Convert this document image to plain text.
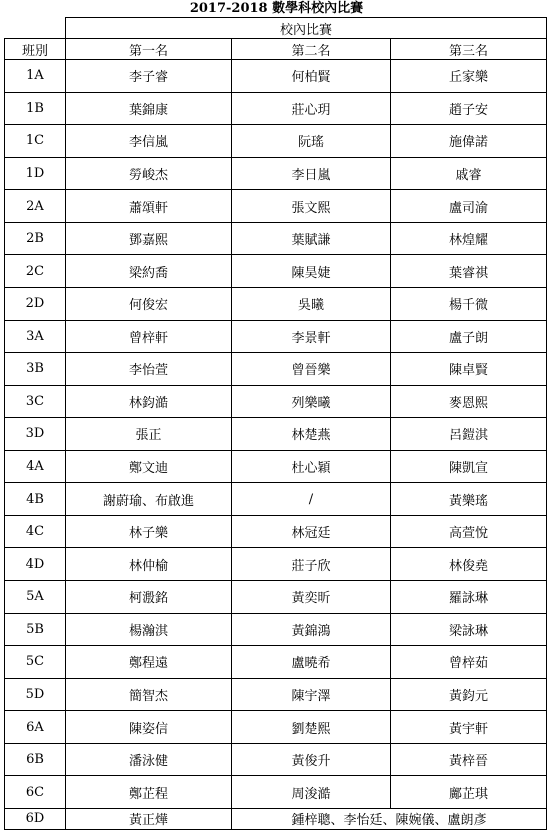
2017-2018 數學科校內比賽
	校內比賽		
班別	第一名	第二名	第三名
1A	李子睿	何柏賢	丘家樂
1B	葉錦康	莊心玥	趙子安
1C	李信嵐	阮瑤	施偉諾
1D	勞峻杰	李日嵐	戚睿
2A	蕭頌軒	張文熙	盧司渝
2B	鄧嘉熙	葉賦謙	林煌耀
2C	梁約喬	陳昊婕	葉睿祺
2D	何俊宏	吳曦	楊千微
3A	曾梓軒	李景軒	盧子朗
3B	李怡萱	曾晉樂	陳卓賢
3C	林鈞澔	列樂曦	麥恩熙
3D	張正	林楚燕	呂鎧淇
4A	鄭文迪	杜心穎	陳凱宣
4B	謝蔚瑜、布啟進	/	黃樂瑤
4C	林子樂	林冠廷	高萱悅
4D	林仲榆	莊子欣	林俊堯
5A	柯溵銘	黃奕昕	羅詠琳
5B	楊瀚淇	黃錦鴻	梁詠琳
5C	鄭程遠	盧曉希	曾梓茹
5D	簡智杰	陳宇澤	黃鈞元
6A	陳姿信	劉楚熙	黃宇軒
6B	潘泳健	黃俊升	黃梓晉
6C	鄭芷程	周浚澔	鄺芷琪
6D	黃正燁	鍾梓聰、李怡廷、陳婉儀、盧朗彥	
